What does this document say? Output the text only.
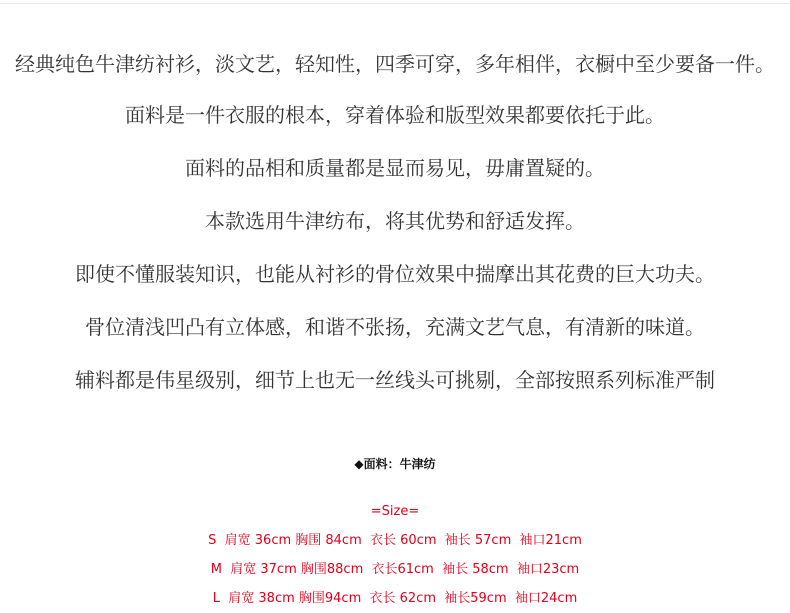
经典纯色牛津纺衬衫，淡文艺，轻知性，四季可穿，多年相伴，衣橱中至少要备一件。

面料是一件衣服的根本，穿着体验和版型效果都要依托于此。

面料的品相和质量都是显而易见，毋庸置疑的。

本款选用牛津纺布，将其优势和舒适发挥。

即使不懂服装知识，也能从衬衫的骨位效果中揣摩出其花费的巨大功夫。

骨位清浅凹凸有立体感，和谐不张扬，充满文艺气息，有清新的味道。

辅料都是伟星级别，细节上也无一丝线头可挑剔，全部按照系列标准严制

◆面料：牛津纺
=Size=
S  肩宽 36cm 胸围 84cm  衣长 60cm  袖长 57cm  袖口21cm
M  肩宽 37cm 胸围88cm  衣长61cm  袖长 58cm  袖口23cm
L  肩宽 38cm 胸围94cm  衣长 62cm  袖长59cm  袖口24cm
